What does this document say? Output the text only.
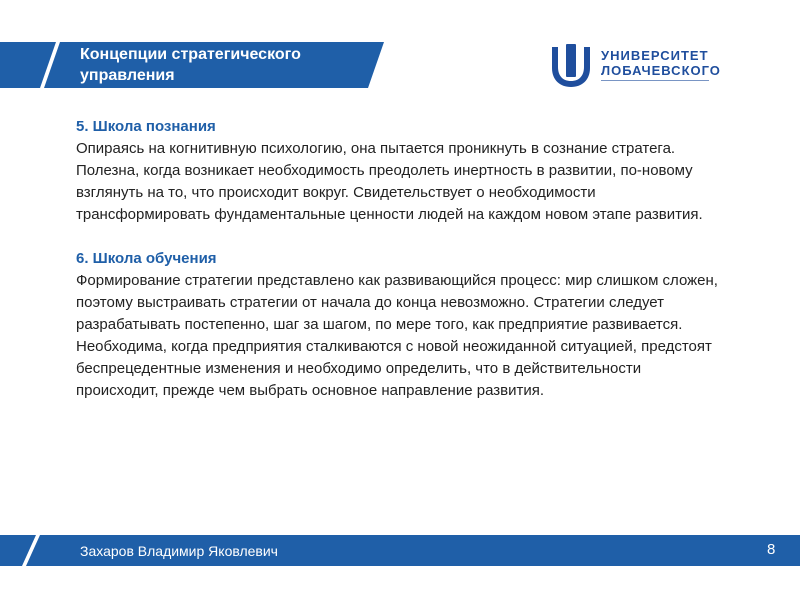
Концепции стратегического
управления
УНИВЕРСИТЕТ
ЛОБАЧЕВСКОГО
5. Школа познания

Опираясь на когнитивную психологию, она пытается проникнуть в сознание стратега. Полезна, когда возникает необходимость преодолеть инертность в развитии, по-новому взглянуть на то, что происходит вокруг. Свидетельствует о необходимости трансформировать фундаментальные ценности людей на каждом новом этапе развития.

6. Школа обучения

Формирование стратегии представлено как развивающийся процесс: мир слишком сложен, поэтому выстраивать стратегии от начала до конца невозможно. Стратегии следует разрабатывать постепенно, шаг за шагом, по мере того, как предприятие развивается.

Необходима, когда предприятия сталкиваются с новой неожиданной ситуацией, предстоят беспрецедентные изменения и необходимо определить, что в действительности происходит, прежде чем выбрать основное направление развития.

Захаров Владимир Яковлевич	8
